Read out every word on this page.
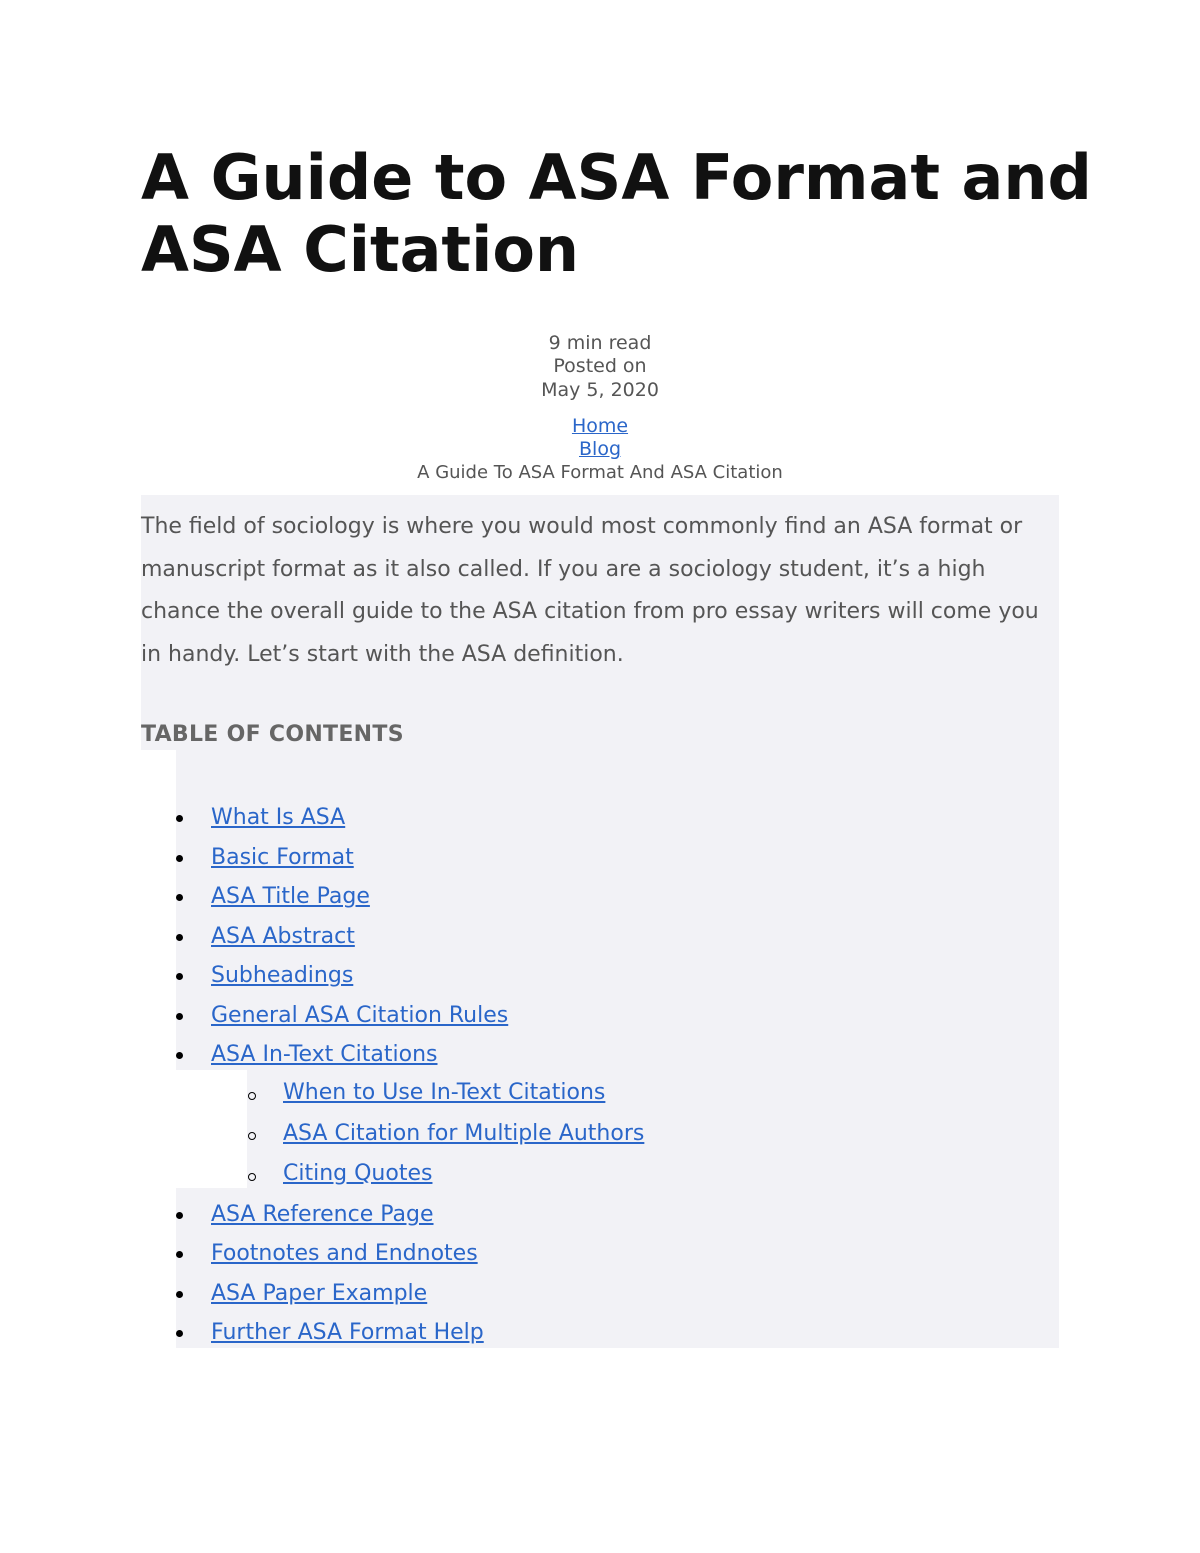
A Guide to ASA Format and ASA Citation
9 min read
Posted on
May 5, 2020
Home
Blog
A Guide To ASA Format And ASA Citation

The field of sociology is where you would most commonly find an ASA format or manuscript format as it also called. If you are a sociology student, it’s a high chance the overall guide to the ASA citation from pro essay writers will come you in handy. Let’s start with the ASA definition.

TABLE OF CONTENTS
What Is ASA
Basic Format
ASA Title Page
ASA Abstract
Subheadings
General ASA Citation Rules
ASA In-Text Citations
When to Use In-Text Citations
ASA Citation for Multiple Authors
Citing Quotes
ASA Reference Page
Footnotes and Endnotes
ASA Paper Example
Further ASA Format Help
